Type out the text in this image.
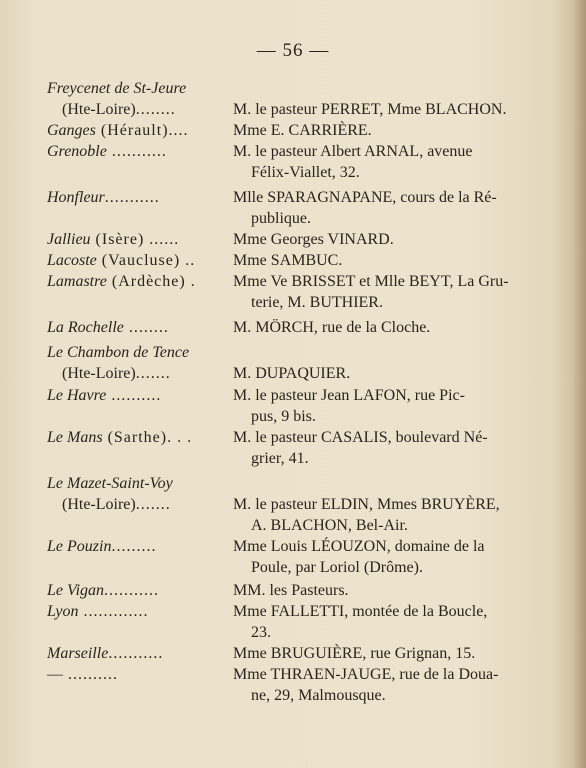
— 56 —
Freycenet de St-Jeure
(Hte-Loire)........	M. le pasteur PERRET, Mme BLACHON.
Ganges (Hérault)....	Mme E. CARRIÈRE.
Grenoble ...........	M. le pasteur Albert ARNAL, avenue
Félix-Viallet, 32.
Honfleur...........	Mlle SPARAGNAPANE, cours de la Ré-
publique.
Jallieu (Isère) ......	Mme Georges VINARD.
Lacoste (Vaucluse) ..	Mme SAMBUC.
Lamastre (Ardèche) .	Mme Ve BRISSET et Mlle BEYT, La Gru-
terie, M. BUTHIER.
La Rochelle ........	M. MÖRCH, rue de la Cloche.
Le Chambon de Tence
(Hte-Loire).......	M. DUPAQUIER.
Le Havre ..........	M. le pasteur Jean LAFON, rue Pic-
pus, 9 bis.
Le Mans (Sarthe). . .	M. le pasteur CASALIS, boulevard Né-
grier, 41.
Le Mazet-Saint-Voy
(Hte-Loire).......	M. le pasteur ELDIN, Mmes BRUYÈRE,
A. BLACHON, Bel-Air.
Le Pouzin.........	Mme Louis LÉOUZON, domaine de la
Poule, par Loriol (Drôme).
Le Vigan...........	MM. les Pasteurs.
Lyon .............	Mme FALLETTI, montée de la Boucle,
23.
Marseille...........	Mme BRUGUIÈRE, rue Grignan, 15.
— ..........	Mme THRAEN-JAUGE, rue de la Doua-
ne, 29, Malmousque.
